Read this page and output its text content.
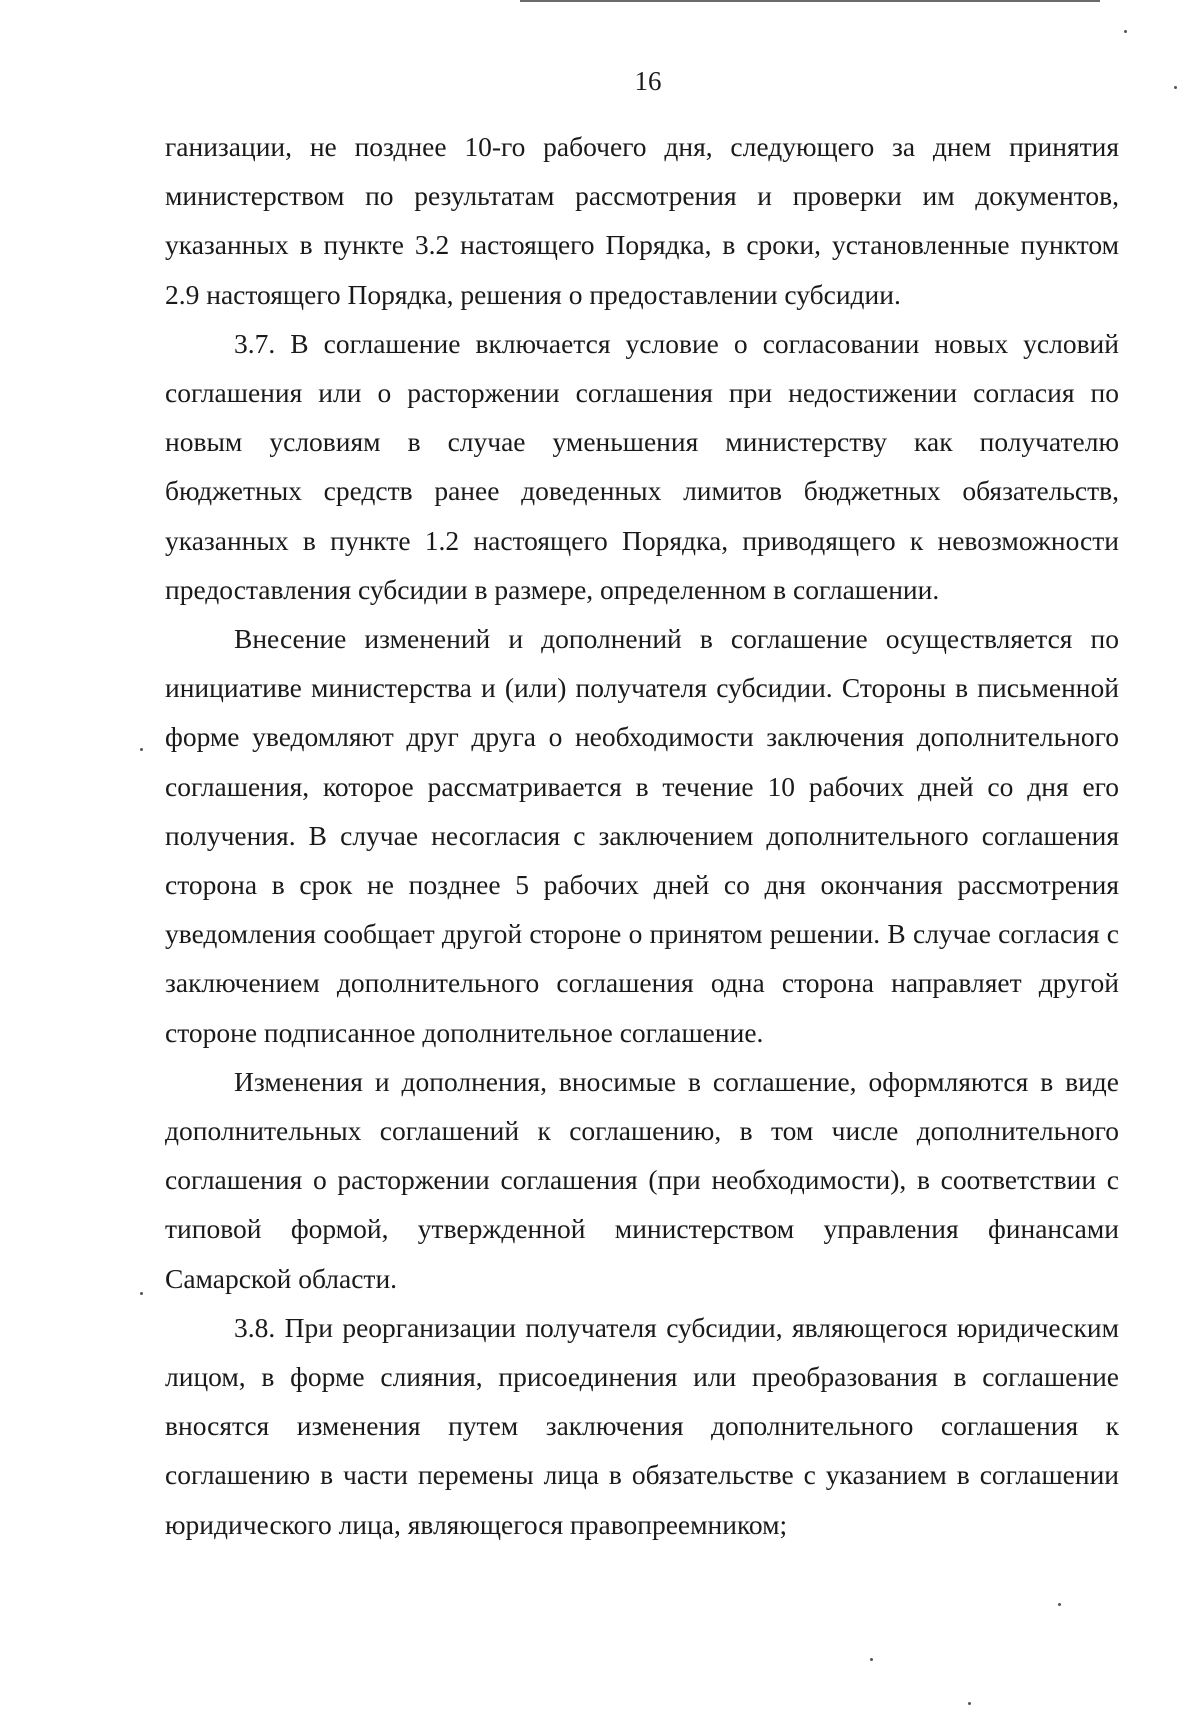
16

ганизации, не позднее 10-го рабочего дня, следующего за днем принятия министерством по результатам рассмотрения и проверки им документов, указанных в пункте 3.2 настоящего Порядка, в сроки, установленные пунктом 2.9 настоящего Порядка, решения о предоставлении субсидии.

3.7. В соглашение включается условие о согласовании новых условий соглашения или о расторжении соглашения при недостижении согласия по новым условиям в случае уменьшения министерству как получателю бюджетных средств ранее доведенных лимитов бюджетных обязательств, указанных в пункте 1.2 настоящего Порядка, приводящего к невозможности предоставления субсидии в размере, определенном в соглашении.

Внесение изменений и дополнений в соглашение осуществляется по инициативе министерства и (или) получателя субсидии. Стороны в письменной форме уведомляют друг друга о необходимости заключения дополнительного соглашения, которое рассматривается в течение 10 рабочих дней со дня его получения. В случае несогласия с заключением дополнительного соглашения сторона в срок не позднее 5 рабочих дней со дня окончания рассмотрения уведомления сообщает другой стороне о принятом решении. В случае согласия с заключением дополнительного соглашения одна сторона направляет другой стороне подписанное дополнительное соглашение.

Изменения и дополнения, вносимые в соглашение, оформляются в виде дополнительных соглашений к соглашению, в том числе дополнительного соглашения о расторжении соглашения (при необходимости), в соответствии с типовой формой, утвержденной министерством управления финансами Самарской области.

3.8. При реорганизации получателя субсидии, являющегося юридическим лицом, в форме слияния, присоединения или преобразования в соглашение вносятся изменения путем заключения дополнительного соглашения к соглашению в части перемены лица в обязательстве с указанием в соглашении юридического лица, являющегося правопреемником;
